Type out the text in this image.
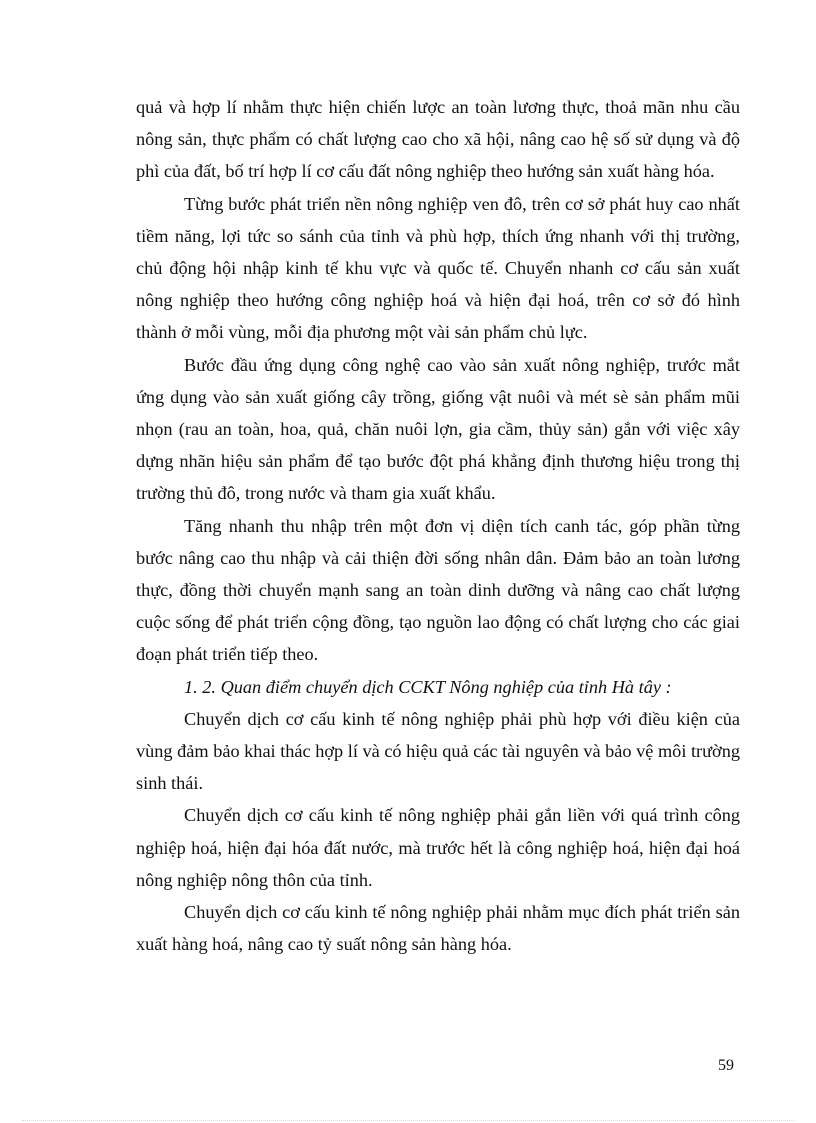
quả và hợp lí nhằm thực hiện chiến lược an toàn lương thực, thoả mãn nhu cầu nông sản, thực phẩm có chất lượng cao cho xã hội, nâng cao hệ số sử dụng và độ phì của đất, bố trí hợp lí cơ cấu đất nông nghiệp theo hướng sản xuất hàng hóa.

Từng bước phát triển nền nông nghiệp ven đô, trên cơ sở phát huy cao nhất tiềm năng, lợi tức so sánh của tỉnh và phù hợp, thích ứng nhanh với thị trường, chủ động hội nhập kinh tế khu vực và quốc tế. Chuyển nhanh cơ cấu sản xuất nông nghiệp theo hướng công nghiệp hoá và hiện đại hoá, trên cơ sở đó hình thành ở mỗi vùng, mỗi địa phương một vài sản phẩm chủ lực.

Bước đầu ứng dụng công nghệ cao vào sản xuất nông nghiệp, trước mắt ứng dụng vào sản xuất giống cây trồng, giống vật nuôi và mét sè sản phẩm mũi nhọn (rau an toàn, hoa, quả, chăn nuôi lợn, gia cầm, thủy sản) gắn với việc xây dựng nhãn hiệu sản phẩm để tạo bước đột phá khẳng định thương hiệu trong thị trường thủ đô, trong nước và tham gia xuất khẩu.

Tăng nhanh thu nhập trên một đơn vị diện tích canh tác, góp phần từng bước nâng cao thu nhập và cải thiện đời sống nhân dân. Đảm bảo an toàn lương thực, đồng thời chuyển mạnh sang an toàn dinh dưỡng và nâng cao chất lượng cuộc sống để phát triển cộng đồng, tạo nguồn lao động có chất lượng cho các giai đoạn phát triển tiếp theo.

1. 2. Quan điểm chuyển dịch CCKT Nông nghiệp của tỉnh Hà tây :

Chuyển dịch cơ cấu kinh tế nông nghiệp phải phù hợp với điều kiện của vùng đảm bảo khai thác hợp lí và có hiệu quả các tài nguyên và bảo vệ môi trường sinh thái.

Chuyển dịch cơ cấu kinh tế nông nghiệp phải gắn liền với quá trình công nghiệp hoá, hiện đại hóa đất nước, mà trước hết là công nghiệp hoá, hiện đại hoá nông nghiệp nông thôn của tỉnh.

Chuyển dịch cơ cấu kinh tế nông nghiệp phải nhằm mục đích phát triển sản xuất hàng hoá, nâng cao tỷ suất nông sản hàng hóa.

59
